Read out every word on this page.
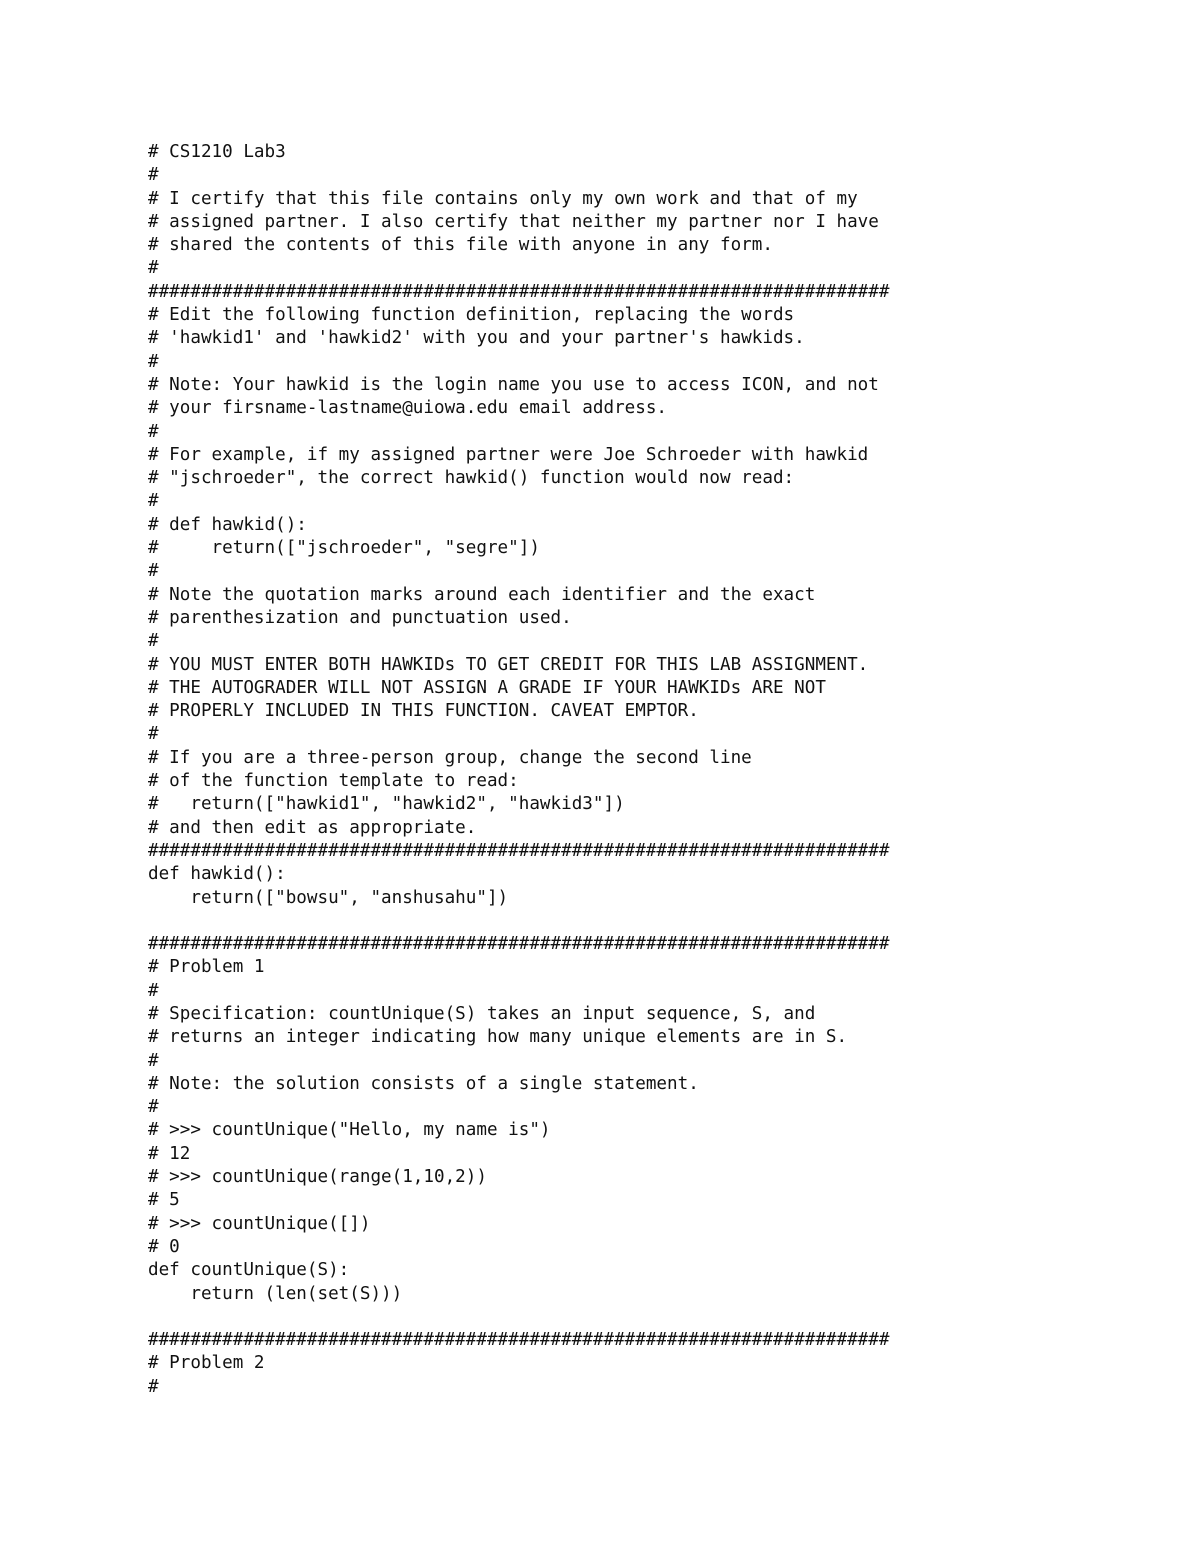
# CS1210 Lab3
#
# I certify that this file contains only my own work and that of my
# assigned partner. I also certify that neither my partner nor I have
# shared the contents of this file with anyone in any form.
#
######################################################################
# Edit the following function definition, replacing the words
# 'hawkid1' and 'hawkid2' with you and your partner's hawkids.
#
# Note: Your hawkid is the login name you use to access ICON, and not
# your firsname-lastname@uiowa.edu email address.
#
# For example, if my assigned partner were Joe Schroeder with hawkid
# "jschroeder", the correct hawkid() function would now read:
#
# def hawkid():
#     return(["jschroeder", "segre"])
#
# Note the quotation marks around each identifier and the exact
# parenthesization and punctuation used.
#
# YOU MUST ENTER BOTH HAWKIDs TO GET CREDIT FOR THIS LAB ASSIGNMENT.
# THE AUTOGRADER WILL NOT ASSIGN A GRADE IF YOUR HAWKIDs ARE NOT
# PROPERLY INCLUDED IN THIS FUNCTION. CAVEAT EMPTOR.
#
# If you are a three-person group, change the second line
# of the function template to read:
#   return(["hawkid1", "hawkid2", "hawkid3"])
# and then edit as appropriate.
######################################################################
def hawkid():
return(["bowsu", "anshusahu"])
######################################################################
# Problem 1
#
# Specification: countUnique(S) takes an input sequence, S, and
# returns an integer indicating how many unique elements are in S.
#
# Note: the solution consists of a single statement.
#
# >>> countUnique("Hello, my name is")
# 12
# >>> countUnique(range(1,10,2))
# 5
# >>> countUnique([])
# 0
def countUnique(S):
return (len(set(S)))
######################################################################
# Problem 2
#
